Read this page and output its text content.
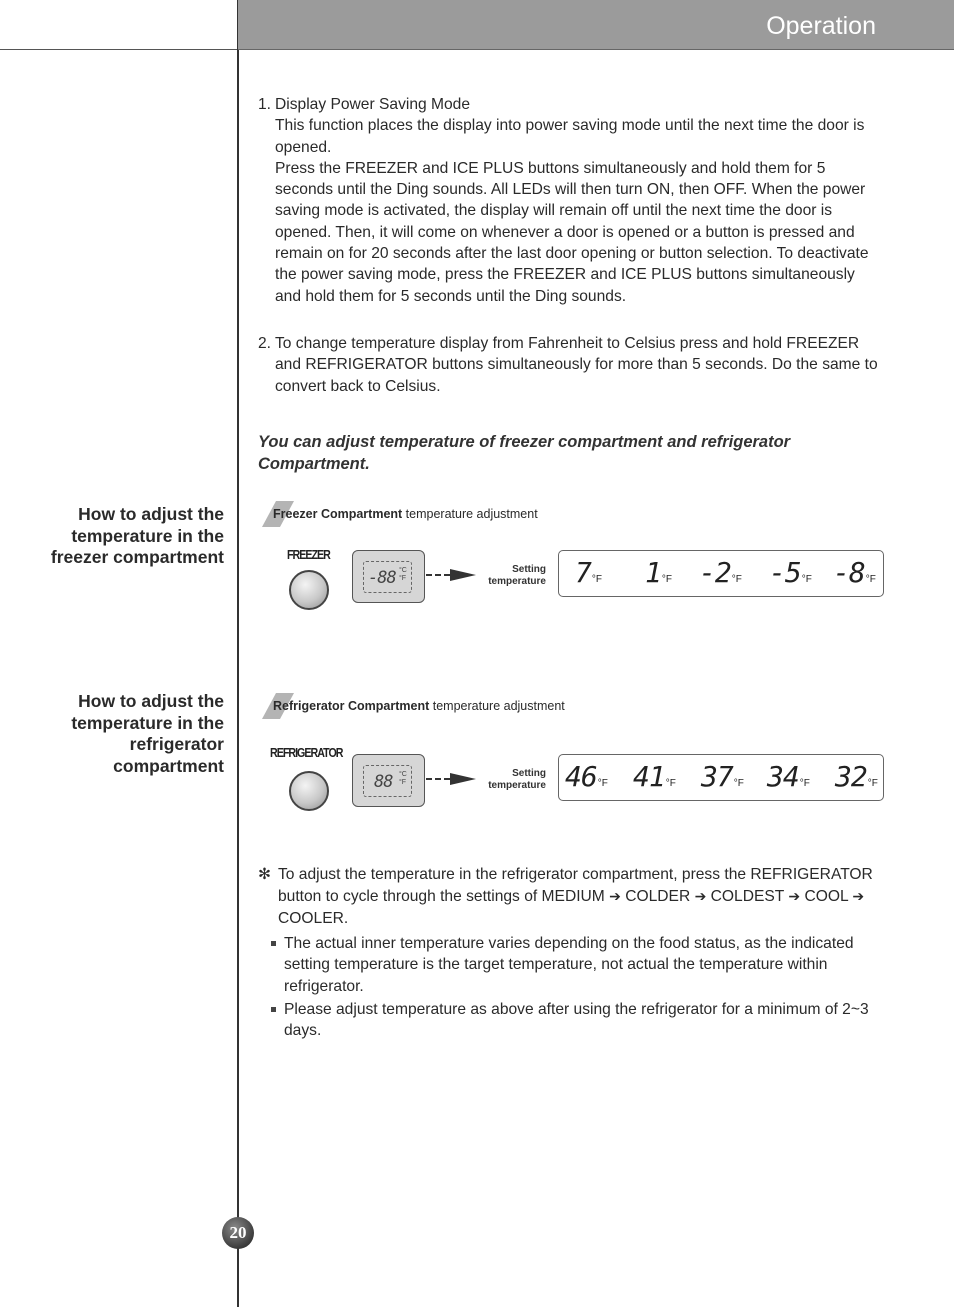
Operation
1. Display Power Saving Mode

This function places the display into power saving mode until the next time the door is opened.

Press the FREEZER and ICE PLUS buttons simultaneously and hold them for 5 seconds until the Ding sounds. All LEDs will then turn ON, then OFF. When the power saving mode is activated, the display will remain off until the next time the door is opened. Then, it will come on whenever a door is opened or a button is pressed and remain on for 20 seconds after the last door opening or button selection. To deactivate the power saving mode, press the FREEZER and ICE PLUS buttons simultaneously and hold them for 5 seconds until the Ding sounds.

2. To change temperature display from Fahrenheit to Celsius press and hold FREEZER and REFRIGERATOR buttons simultaneously for more than 5 seconds. Do the same to convert back to Celsius.

You can adjust temperature of freezer compartment and refrigerator Compartment.
How to adjust the temperature in the freezer compartment
Freezer Compartment temperature adjustment
FREEZER
-88 °C
°F
Setting
temperature 7°F 1°F -2°F -5°F -8°F
How to adjust the temperature in the refrigerator compartment
Refrigerator Compartment temperature adjustment
REFRIGERATOR
88 °C
°F
Setting
temperature 46°F 41°F 37°F 34°F 32°F
✻ To adjust the temperature in the refrigerator compartment, press the REFRIGERATOR button to cycle through the settings of MEDIUM ➔ COLDER ➔ COLDEST ➔ COOL ➔ COOLER.
The actual inner temperature varies depending on the food status, as the indicated setting temperature is the target temperature, not actual the temperature within refrigerator.
Please adjust temperature as above after using the refrigerator for a minimum of 2~3 days.
20
